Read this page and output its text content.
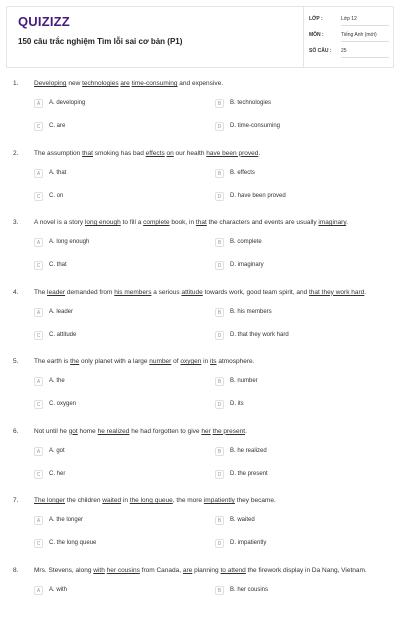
QUIZIZZ
150 câu trắc nghiệm Tìm lỗi sai cơ bản (P1)
LỚP :	Lớp 12
MÔN :	Tiếng Anh (mới)
SỐ CÂU : 25
1. Developing new technologies are time-consuming and expensive.
A	A. developing	B	B. technologies
C	C. are	D	D. time-consuming
2. The assumption that smoking has bad effects on our health have been proved.
A	A. that	B	B. effects
C	C. on	D	D. have been proved
3. A novel is a story long enough to fill a complete book, in that the characters and events are usually imaginary.
A	A. long enough	B	B. complete
C	C. that	D	D. imaginary
4. The leader demanded from his members a serious attitude towards work, good team spirit, and that they work hard.
A	A. leader	B	B. his members
C	C. attitude	D	D. that they work hard
5. The earth is the only planet with a large number of oxygen in its atmosphere.
A	A. the	B	B. number
C	C. oxygen	D	D. its
6. Not until he got home he realized he had forgotten to give her the present.
A	A. got	B	B. he realized
C	C. her	D	D. the present
7. The longer the children waited in the long queue, the more impatiently they became.
A	A. the longer	B	B. waited
C	C. the long queue	D	D. impatiently
8. Mrs. Stevens, along with her cousins from Canada, are planning to attend the firework display in Da Nang, Vietnam.
A	A. with	B	B. her cousins
